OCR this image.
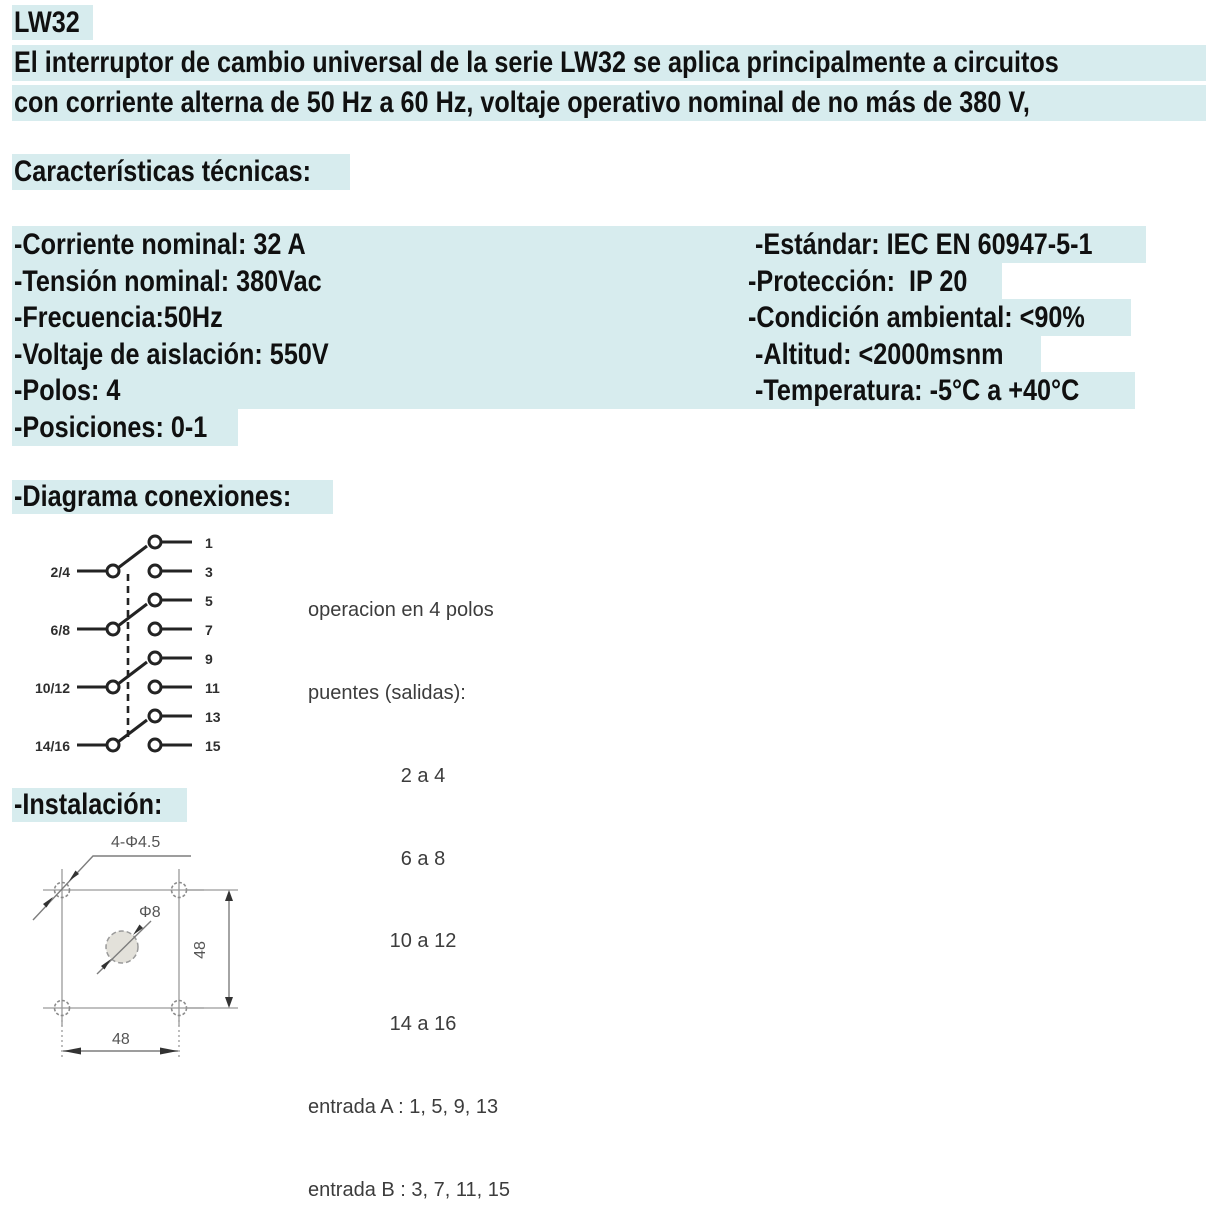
LW32
El interruptor de cambio universal de la serie LW32 se aplica principalmente a circuitos
con corriente alterna de 50 Hz a 60 Hz, voltaje operativo nominal de no más de 380 V,
Características técnicas:
-Corriente nominal: 32 A	-Estándar: IEC EN 60947-5-1
-Tensión nominal: 380Vac	-Protección:  IP 20
-Frecuencia:50Hz	-Condición ambiental: <90%
-Voltaje de aislación: 550V	-Altitud: <2000msnm
-Polos: 4	-Temperatura: -5°C a +40°C
-Posiciones: 0-1
-Diagrama conexiones:
2/4
1
3
6/8
5
7
10/12
9
11
14/16
13
15

operacion en 4 polos

puentes (salidas):

2 a 4

6 a 8

10 a 12

14 a 16

entrada A : 1, 5, 9, 13

entrada B : 3, 7, 11, 15

-Instalación:
4-Φ4.5
Φ8
48
48
